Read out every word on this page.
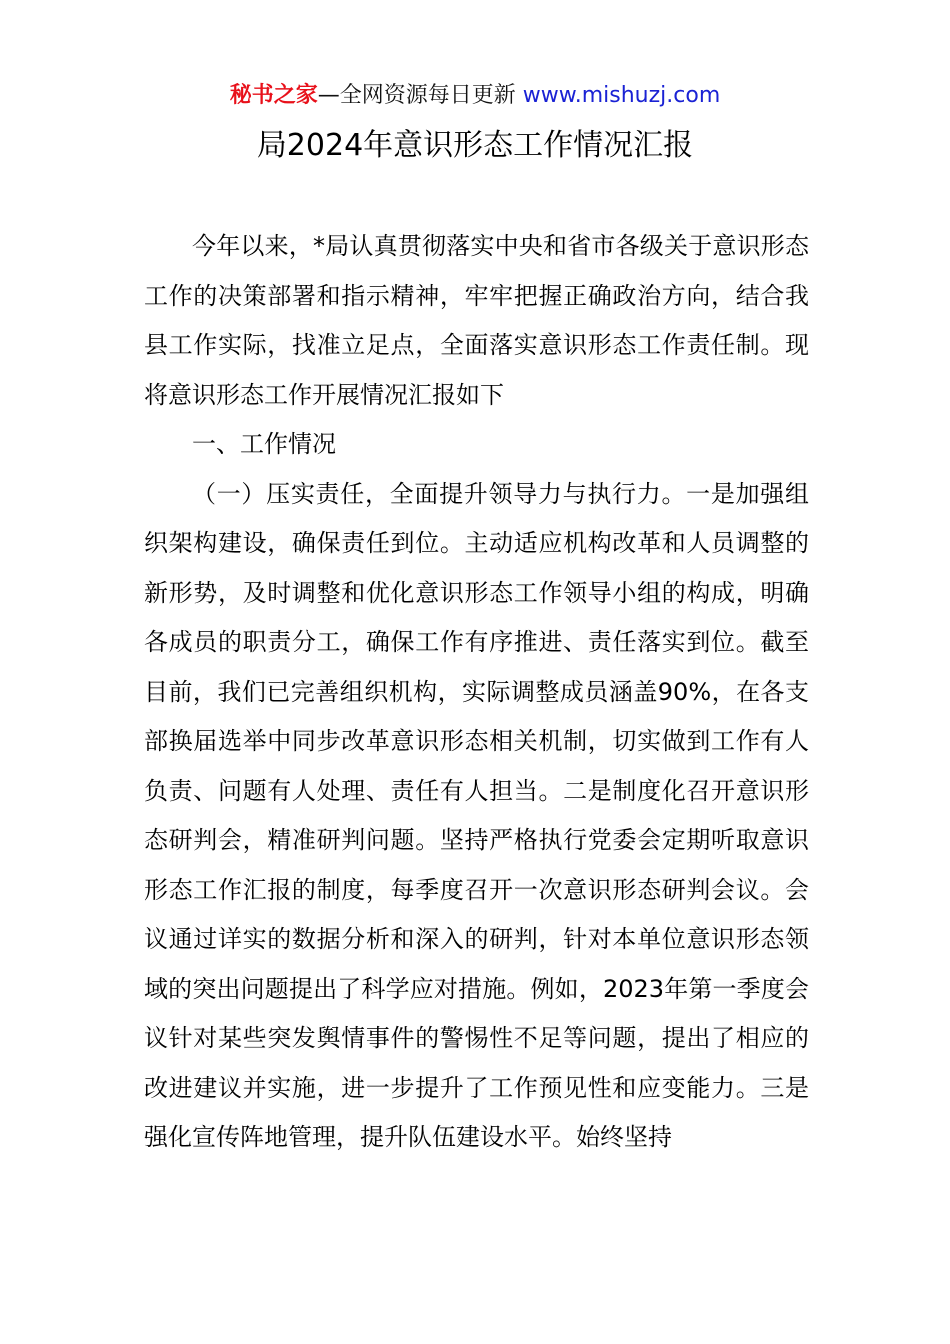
秘书之家—全网资源每日更新 www.mishuzj.com
局2024年意识形态工作情况汇报

今年以来，*局认真贯彻落实中央和省市各级关于意识形态工作的决策部署和指示精神，牢牢把握正确政治方向，结合我县工作实际，找准立足点，全面落实意识形态工作责任制。现将意识形态工作开展情况汇报如下

一、工作情况

（一）压实责任，全面提升领导力与执行力。一是加强组织架构建设，确保责任到位。主动适应机构改革和人员调整的新形势，及时调整和优化意识形态工作领导小组的构成，明确各成员的职责分工，确保工作有序推进、责任落实到位。截至目前，我们已完善组织机构，实际调整成员涵盖90%，在各支部换届选举中同步改革意识形态相关机制，切实做到工作有人负责、问题有人处理、责任有人担当。二是制度化召开意识形态研判会，精准研判问题。坚持严格执行党委会定期听取意识形态工作汇报的制度，每季度召开一次意识形态研判会议。会议通过详实的数据分析和深入的研判，针对本单位意识形态领域的突出问题提出了科学应对措施。例如，2023年第一季度会议针对某些突发舆情事件的警惕性不足等问题，提出了相应的改进建议并实施，进一步提升了工作预见性和应变能力。三是强化宣传阵地管理，提升队伍建设水平。始终坚持
